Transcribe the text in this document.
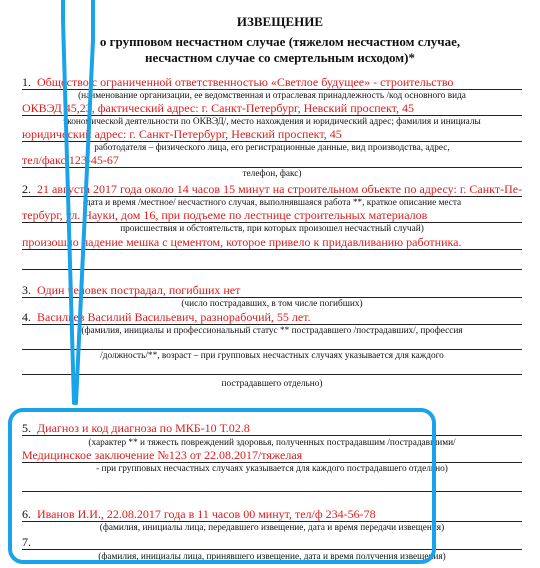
ИЗВЕЩЕНИЕ
о групповом несчастном случае (тяжелом несчастном случае,
несчастном случае со смертельным исходом)*
1. Общество с ограниченной ответственностью «Светлое будущее» - строительство
(наименование организации, ее ведомственная и отраслевая принадлежность /код основного вида
ОКВЭД 45,23, фактический адрес: г. Санкт-Петербург, Невский проспект, 45
экономической деятельности по ОКВЭД/, место нахождения и юридический адрес; фамилия и инициалы
юридический адрес: г. Санкт-Петербург, Невский проспект, 45
работодателя – физического лица, его регистрационные данные, вид производства, адрес,
тел/факс 123-45-67
телефон, факс)
2. 21 августа 2017 года около 14 часов 15 минут на строительном объекте по адресу: г. Санкт-Пе-
(дата и время /местное/ несчастного случая, выполнявшаяся работа **, краткое описание места
тербург, ул. Науки, дом 16, при подъеме по лестнице строительных материалов
происшествия и обстоятельств, при которых произошел несчастный случай)
произошло падение мешка с цементом, которое привело к придавливанию работника.
3. Один человек пострадал, погибших нет
(число пострадавших, в том числе погибших)
4. Васильев Василий Васильевич, разнорабочий, 55 лет.
(фамилия, инициалы и профессиональный статус ** пострадавшего /пострадавших/, профессия
/должность/**, возраст – при групповых несчастных случаях указывается для каждого
пострадавшего отдельно)
5. Диагноз и код диагноза по МКБ-10 Т.02.8
(характер ** и тяжесть повреждений здоровья, полученных пострадавшим /пострадавшими/
Медицинское заключение №123 от 22.08.2017/тяжелая
- при групповых несчастных случаях указывается для каждого пострадавшего отдельно)
6. Иванов И.И., 22.08.2017 года в 11 часов 00 минут, тел/ф 234-56-78
(фамилия, инициалы лица, передавшего извещение, дата и время передачи извещения)
7.
(фамилия, инициалы лица, принявшего извещение, дата и время получения извещения)
